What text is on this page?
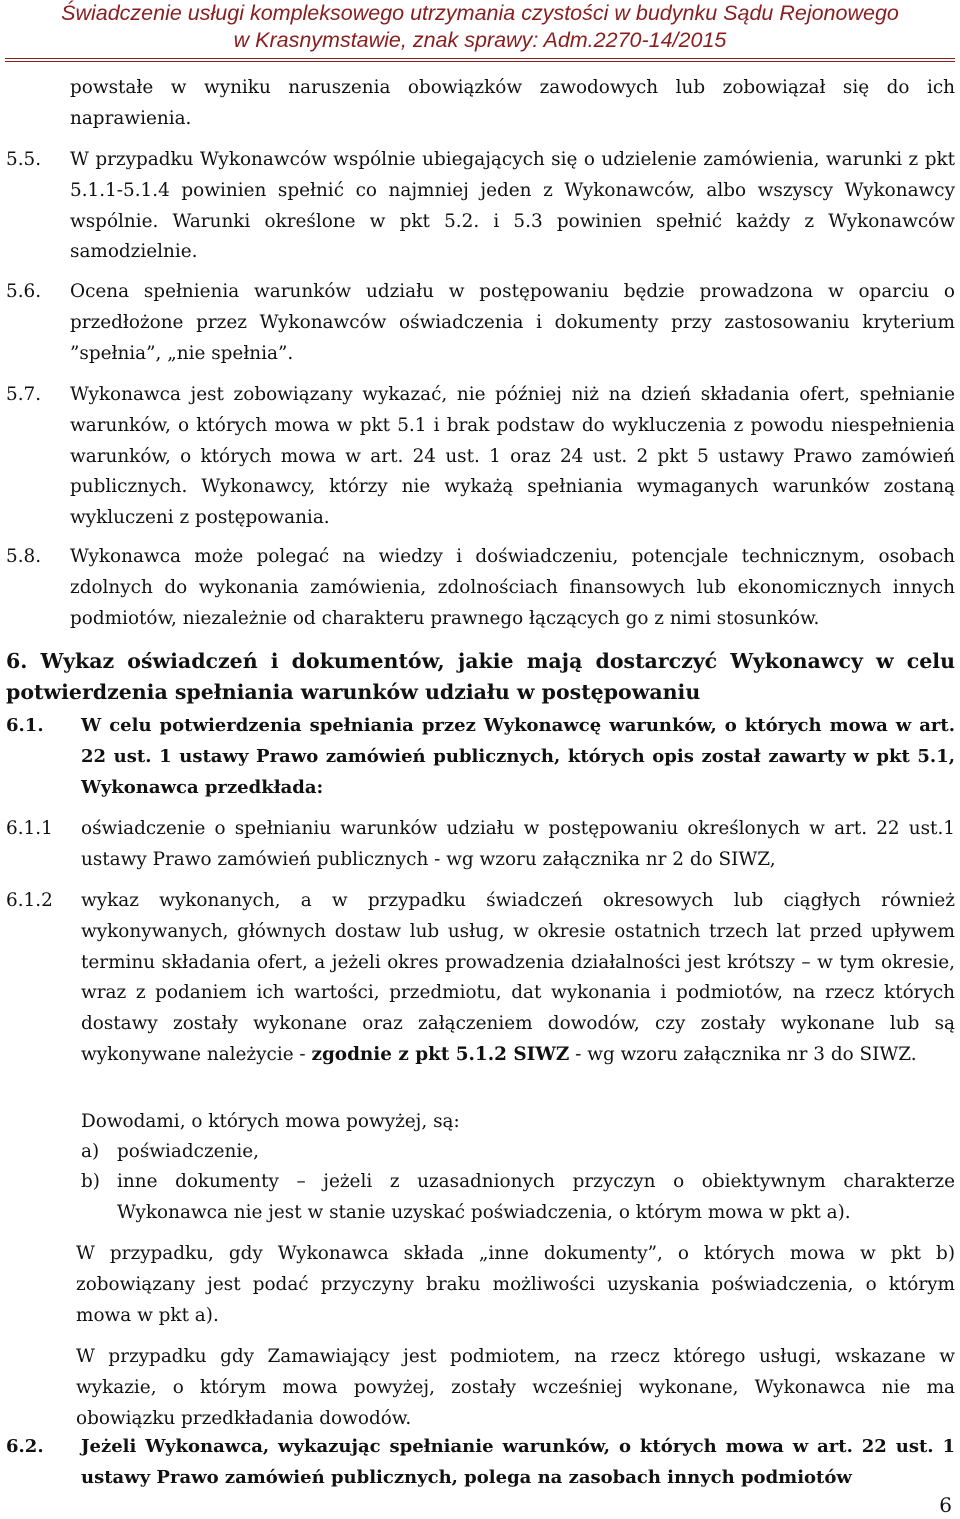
Świadczenie usługi kompleksowego utrzymania czystości w budynku Sądu Rejonowego
w Krasnymstawie, znak sprawy: Adm.2270-14/2015
powstałe w wyniku naruszenia obowiązków zawodowych lub zobowiązał się do ich naprawienia.
5.5. W przypadku Wykonawców wspólnie ubiegających się o udzielenie zamówienia, warunki z pkt 5.1.1-5.1.4 powinien spełnić co najmniej jeden z Wykonawców, albo wszyscy Wykonawcy wspólnie. Warunki określone w pkt 5.2. i 5.3 powinien spełnić każdy z Wykonawców samodzielnie.
5.6. Ocena spełnienia warunków udziału w postępowaniu będzie prowadzona w oparciu o przedłożone przez Wykonawców oświadczenia i dokumenty przy zastosowaniu kryterium ”spełnia”, „nie spełnia”.
5.7. Wykonawca jest zobowiązany wykazać, nie później niż na dzień składania ofert, spełnianie warunków, o których mowa w pkt 5.1 i brak podstaw do wykluczenia z powodu niespełnienia warunków, o których mowa w art. 24 ust. 1 oraz 24 ust. 2 pkt 5 ustawy Prawo zamówień publicznych. Wykonawcy, którzy nie wykażą spełniania wymaganych warunków zostaną wykluczeni z postępowania.
5.8. Wykonawca może polegać na wiedzy i doświadczeniu, potencjale technicznym, osobach zdolnych do wykonania zamówienia, zdolnościach finansowych lub ekonomicznych innych podmiotów, niezależnie od charakteru prawnego łączących go z nimi stosunków.
6. Wykaz oświadczeń i dokumentów, jakie mają dostarczyć Wykonawcy w celu potwierdzenia spełniania warunków udziału w postępowaniu
6.1. W celu potwierdzenia spełniania przez Wykonawcę warunków, o których mowa w art. 22 ust. 1 ustawy Prawo zamówień publicznych, których opis został zawarty w pkt 5.1, Wykonawca przedkłada:
6.1.1 oświadczenie o spełnianiu warunków udziału w postępowaniu określonych w art. 22 ust.1 ustawy Prawo zamówień publicznych - wg wzoru załącznika nr 2 do SIWZ,
6.1.2 wykaz wykonanych, a w przypadku świadczeń okresowych lub ciągłych również wykonywanych, głównych dostaw lub usług, w okresie ostatnich trzech lat przed upływem terminu składania ofert, a jeżeli okres prowadzenia działalności jest krótszy – w tym okresie, wraz z podaniem ich wartości, przedmiotu, dat wykonania i podmiotów, na rzecz których dostawy zostały wykonane oraz załączeniem dowodów, czy zostały wykonane lub są wykonywane należycie - zgodnie z pkt 5.1.2 SIWZ - wg wzoru załącznika nr 3 do SIWZ.
Dowodami, o których mowa powyżej, są:
a) poświadczenie,
b) inne dokumenty – jeżeli z uzasadnionych przyczyn o obiektywnym charakterze Wykonawca nie jest w stanie uzyskać poświadczenia, o którym mowa w pkt a).
W przypadku, gdy Wykonawca składa „inne dokumenty”, o których mowa w pkt b) zobowiązany jest podać przyczyny braku możliwości uzyskania poświadczenia, o którym mowa w pkt a).
W przypadku gdy Zamawiający jest podmiotem, na rzecz którego usługi, wskazane w wykazie, o którym mowa powyżej, zostały wcześniej wykonane, Wykonawca nie ma obowiązku przedkładania dowodów.
6.2. Jeżeli Wykonawca, wykazując spełnianie warunków, o których mowa w art. 22 ust. 1 ustawy Prawo zamówień publicznych, polega na zasobach innych podmiotów
6
